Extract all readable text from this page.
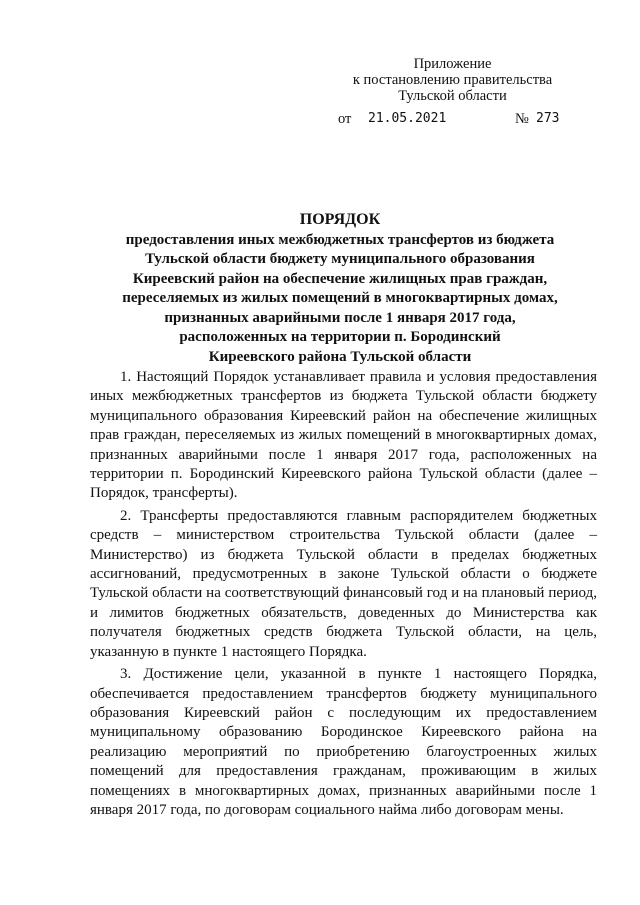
Приложение
к постановлению правительства
Тульской области
от 21.05.2021	№ 273
ПОРЯДОК
предоставления иных межбюджетных трансфертов из бюджета
Тульской области бюджету муниципального образования
Киреевский район на обеспечение жилищных прав граждан,
переселяемых из жилых помещений в многоквартирных домах,
признанных аварийными после 1 января 2017 года,
расположенных на территории п. Бородинский
Киреевского района Тульской области

1. Настоящий Порядок устанавливает правила и условия предоставления иных межбюджетных трансфертов из бюджета Тульской области бюджету муниципального образования Киреевский район на обеспечение жилищных прав граждан, переселяемых из жилых помещений в многоквартирных домах, признанных аварийными после 1 января 2017 года, расположенных на территории п. Бородинский Киреевского района Тульской области (далее – Порядок, трансферты).

2. Трансферты предоставляются главным распорядителем бюджетных средств – министерством строительства Тульской области (далее – Министерство) из бюджета Тульской области в пределах бюджетных ассигнований, предусмотренных в законе Тульской области о бюджете Тульской области на соответствующий финансовый год и на плановый период, и лимитов бюджетных обязательств, доведенных до Министерства как получателя бюджетных средств бюджета Тульской области, на цель, указанную в пункте 1 настоящего Порядка.

3. Достижение цели, указанной в пункте 1 настоящего Порядка, обеспечивается предоставлением трансфертов бюджету муниципального образования Киреевский район с последующим их предоставлением муниципальному образованию Бородинское Киреевского района на реализацию мероприятий по приобретению благоустроенных жилых помещений для предоставления гражданам, проживающим в жилых помещениях в многоквартирных домах, признанных аварийными после 1 января 2017 года, по договорам социального найма либо договорам мены.
